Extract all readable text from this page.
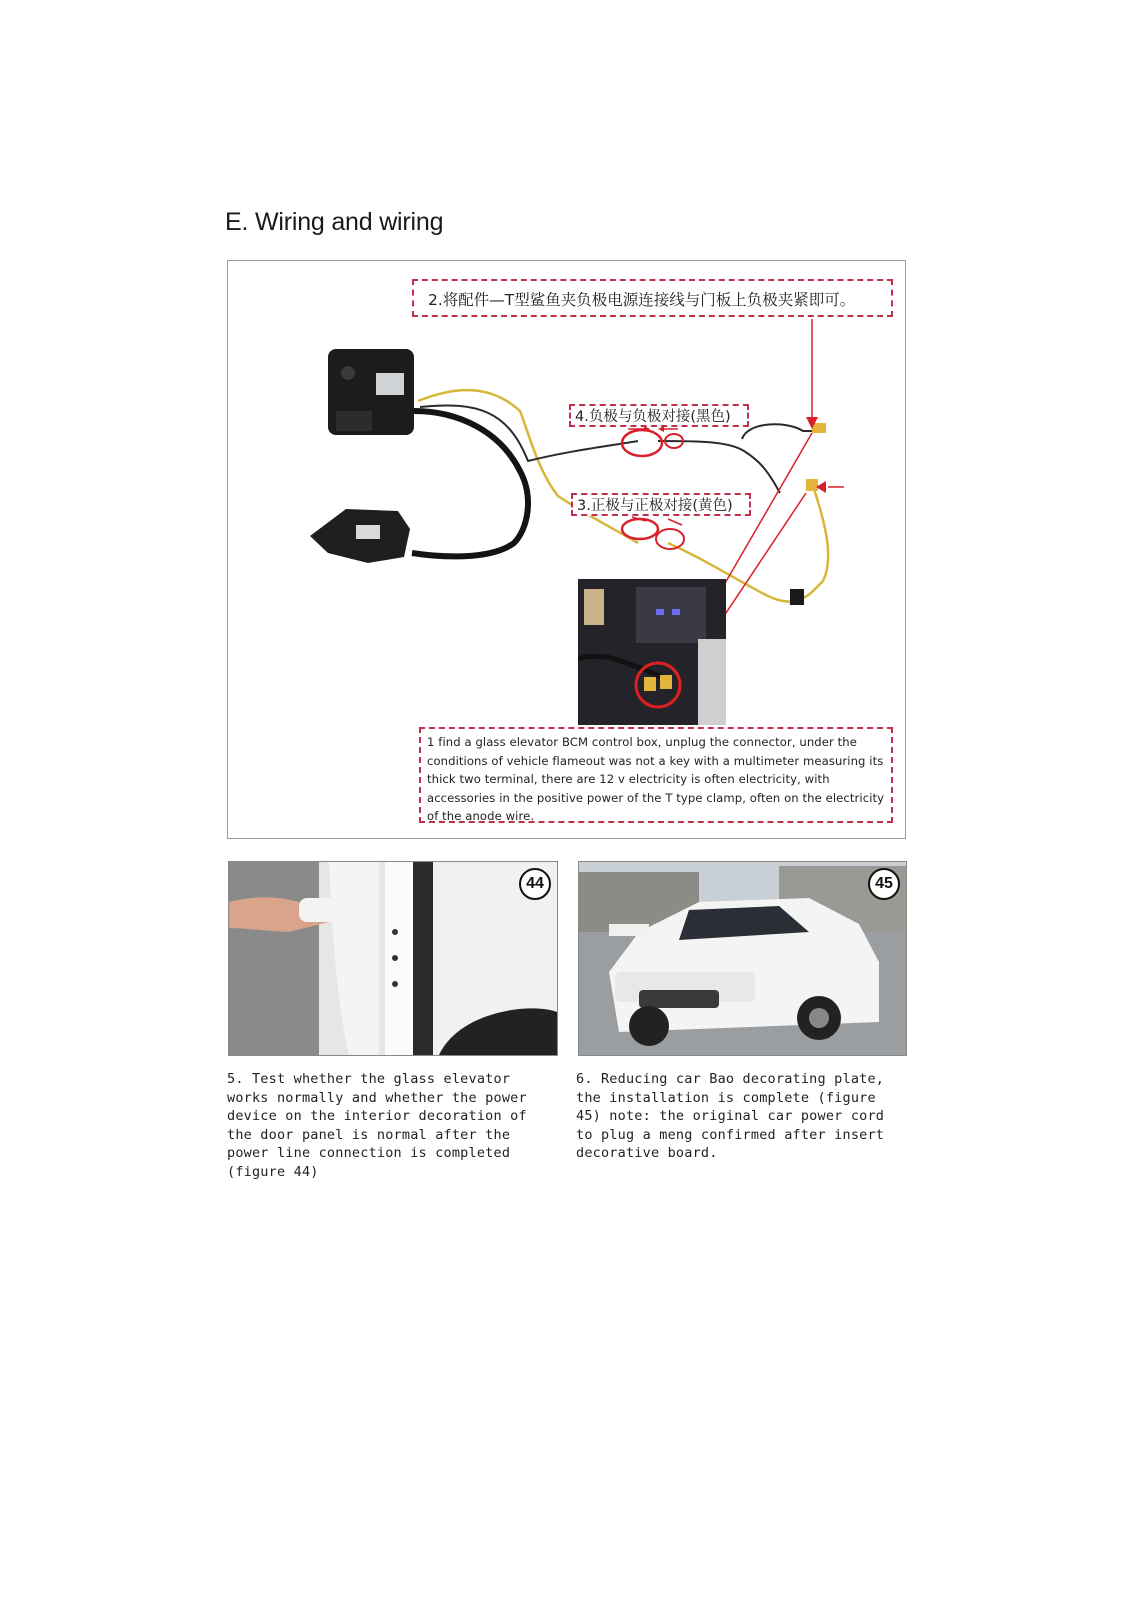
E. Wiring and wiring
2.将配件—T型鲨鱼夹负极电源连接线与门板上负极夹紧即可。
4.负极与负极对接(黑色)
3.正极与正极对接(黄色)
1 find a glass elevator BCM control box, unplug the connector, under the conditions of vehicle flameout was not a key with a multimeter measuring its thick two terminal, there are 12 v electricity is often electricity, with accessories in the positive power of the T type clamp, often on the electricity of the anode wire.
44	45
5. Test whether the glass elevator works normally and whether the power device on the interior decoration of the door panel is normal after the power line connection is completed (figure 44)
6. Reducing car Bao decorating plate, the installation is complete (figure 45) note: the original car power cord to plug a meng confirmed after insert decorative board.
